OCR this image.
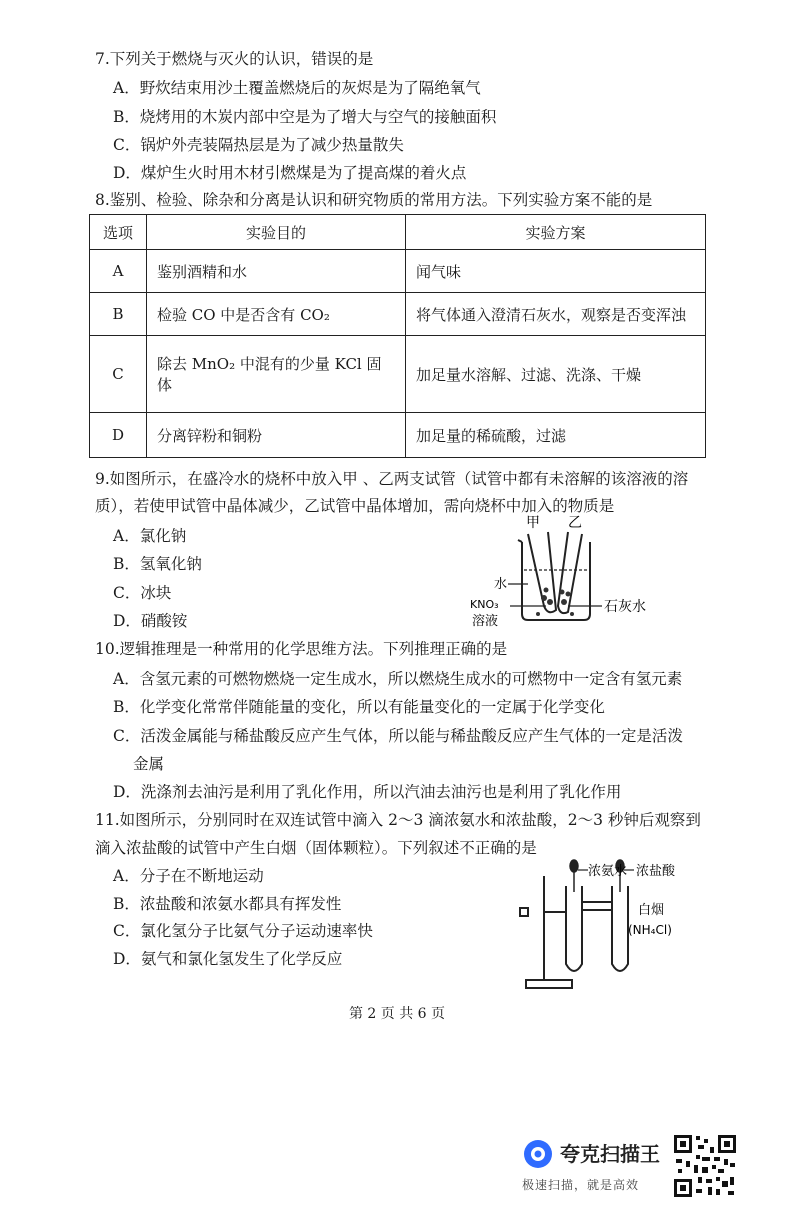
7.下列关于燃烧与灭火的认识，错误的是
A．野炊结束用沙土覆盖燃烧后的灰烬是为了隔绝氧气
B．烧烤用的木炭内部中空是为了增大与空气的接触面积
C．锅炉外壳装隔热层是为了减少热量散失
D．煤炉生火时用木材引燃煤是为了提高煤的着火点
8.鉴别、检验、除杂和分离是认识和研究物质的常用方法。下列实验方案不能的是
选项	实验目的	实验方案
A	鉴别酒精和水	闻气味
B	检验 CO 中是否含有 CO₂	将气体通入澄清石灰水，观察是否变浑浊
C	除去 MnO₂ 中混有的少量 KCl 固体	加足量水溶解、过滤、洗涤、干燥
D	分离锌粉和铜粉	加足量的稀硫酸，过滤
9.如图所示，在盛冷水的烧杯中放入甲 、乙两支试管（试管中都有未溶解的该溶液的溶
质），若使甲试管中晶体减少，乙试管中晶体增加，需向烧杯中加入的物质是
A．氯化钠
B．氢氧化钠
C．冰块
D．硝酸铵
甲 乙
水
KNO₃
溶液
石灰水
10.逻辑推理是一种常用的化学思维方法。下列推理正确的是
A．含氢元素的可燃物燃烧一定生成水，所以燃烧生成水的可燃物中一定含有氢元素
B．化学变化常常伴随能量的变化，所以有能量变化的一定属于化学变化
C．活泼金属能与稀盐酸反应产生气体，所以能与稀盐酸反应产生气体的一定是活泼
金属
D．洗涤剂去油污是利用了乳化作用，所以汽油去油污也是利用了乳化作用
11.如图所示，分别同时在双连试管中滴入 2～3 滴浓氨水和浓盐酸，2～3 秒钟后观察到
滴入浓盐酸的试管中产生白烟（固体颗粒）。下列叙述不正确的是
A．分子在不断地运动
B．浓盐酸和浓氨水都具有挥发性
C．氯化氢分子比氨气分子运动速率快
D．氨气和氯化氢发生了化学反应
浓氨水 浓盐酸
白烟
(NH₄Cl)
第 2 页 共 6 页
夸克扫描王
极速扫描，就是高效
